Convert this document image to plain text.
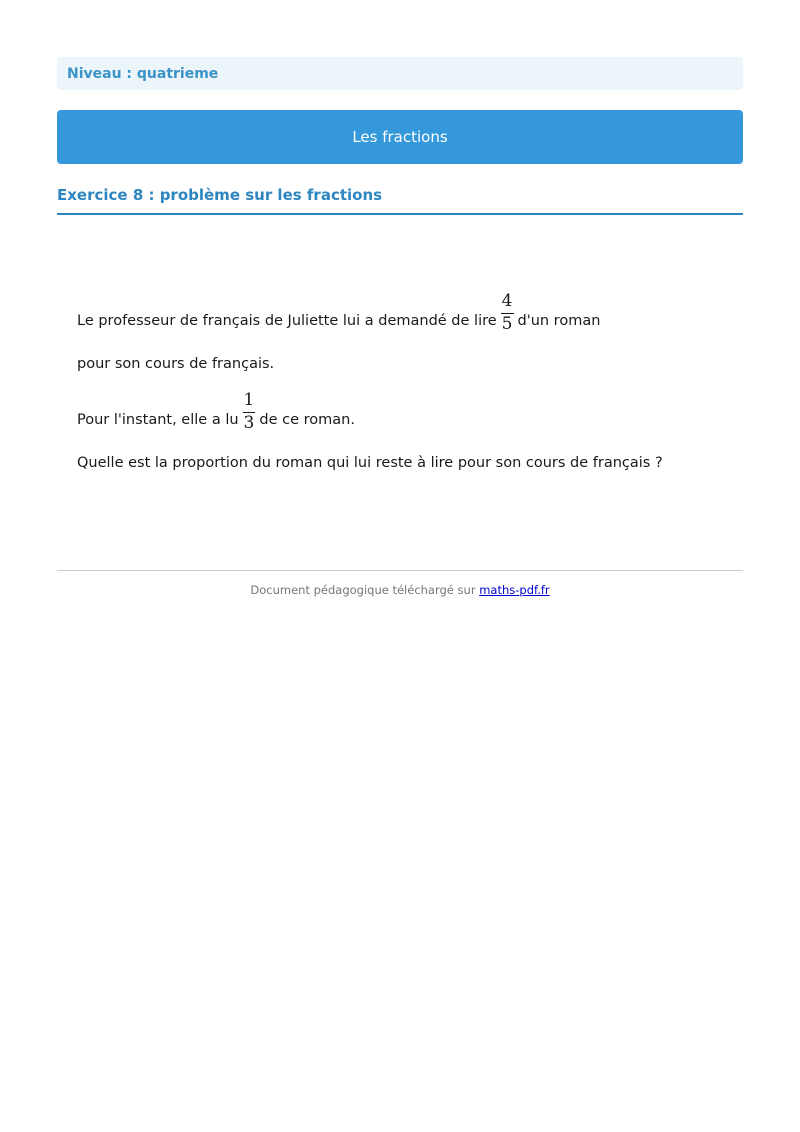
Niveau : quatrieme
Les fractions
Exercice 8 : problème sur les fractions
Le professeur de français de Juliette lui a demandé de lire $\frac{4}{5} d'un$ roman
pour son cours de français.
Pour l'instant, elle a lu $\frac{1}{3}$ de ce roman.
Quelle est la proportion du roman qui lui reste à lire pour son cours de français ?
Document pédagogique téléchargé sur maths-pdf.fr
